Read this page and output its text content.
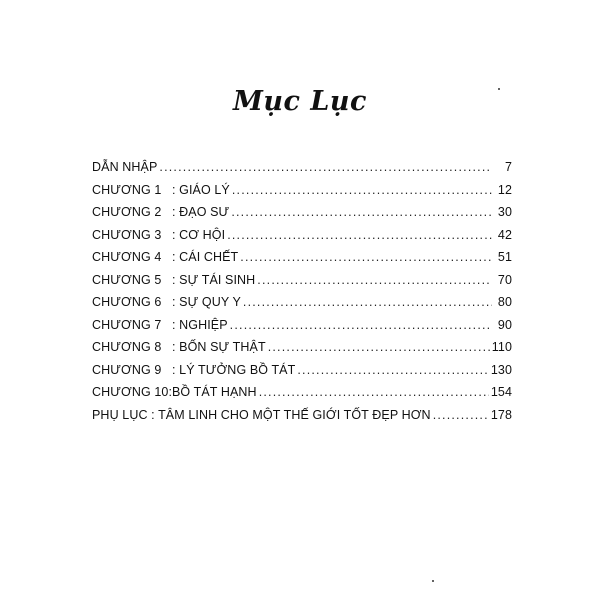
Mục Lục
DẪN NHẬP .....	7
CHƯƠNG 1 : GIÁO LÝ .....	12
CHƯƠNG 2 : ĐẠO SƯ .....	30
CHƯƠNG 3 : CƠ HỘI .....	42
CHƯƠNG 4 : CÁI CHẾT .....	51
CHƯƠNG 5 : SỰ TÁI SINH .....	70
CHƯƠNG 6 : SỰ QUY Y .....	80
CHƯƠNG 7 : NGHIỆP .....	90
CHƯƠNG 8 : BỐN SỰ THẬT .....	110
CHƯƠNG 9 : LÝ TƯỞNG BỒ TÁT .....	130
CHƯƠNG 10:BỒ TÁT HẠNH .....	154
PHỤ LỤC : TÂM LINH CHO MỘT THẾ GIỚI TỐT ĐẸP HƠN .....	178
